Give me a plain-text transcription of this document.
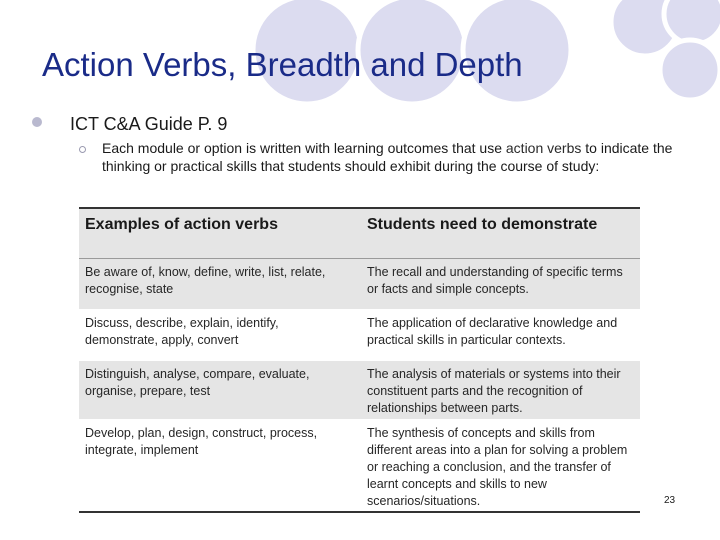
Action Verbs, Breadth and Depth
ICT C&A Guide P. 9
Each module or option is written with learning outcomes that use action verbs to indicate the thinking or practical skills that students should exhibit during the course of study:
Examples of action verbs	Students need to demonstrate
Be aware of, know, define, write, list, relate, recognise, state
The recall and understanding of specific terms or facts and simple concepts.
Discuss, describe, explain, identify, demonstrate, apply, convert
The application of declarative knowledge and practical skills in particular contexts.
Distinguish, analyse, compare, evaluate, organise, prepare, test
The analysis of materials or systems into their constituent parts and the recognition of relationships between parts.
Develop, plan, design, construct, process, integrate, implement
The synthesis of concepts and skills from different areas into a plan for solving a problem or reaching a conclusion, and the transfer of learnt concepts and skills to new scenarios/situations.	23
